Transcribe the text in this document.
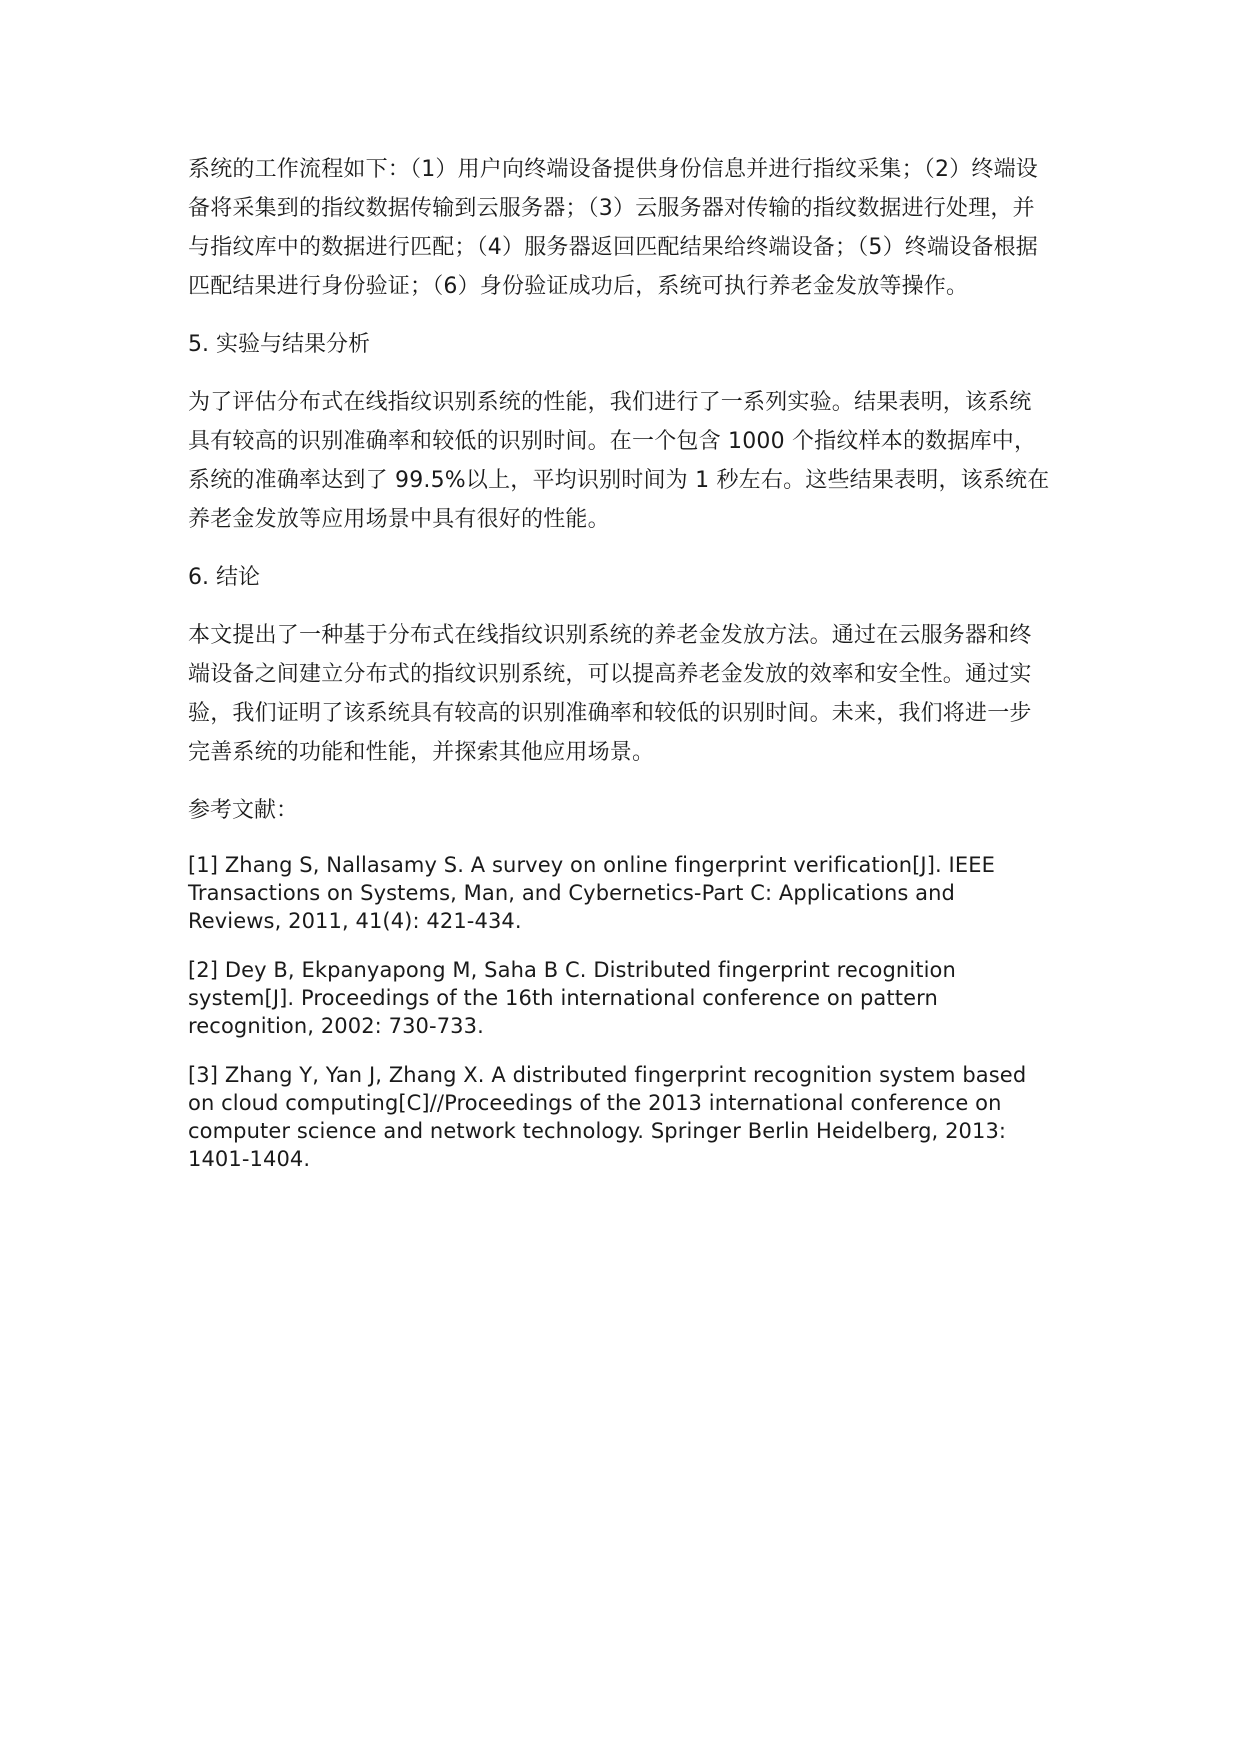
系统的工作流程如下：（1）用户向终端设备提供身份信息并进行指纹采集；（2）终端设备将采集到的指纹数据传输到云服务器；（3）云服务器对传输的指纹数据进行处理，并与指纹库中的数据进行匹配；（4）服务器返回匹配结果给终端设备；（5）终端设备根据匹配结果进行身份验证；（6）身份验证成功后，系统可执行养老金发放等操作。

5. 实验与结果分析

为了评估分布式在线指纹识别系统的性能，我们进行了一系列实验。结果表明，该系统具有较高的识别准确率和较低的识别时间。在一个包含 1000 个指纹样本的数据库中，系统的准确率达到了 99.5%以上，平均识别时间为 1 秒左右。这些结果表明，该系统在养老金发放等应用场景中具有很好的性能。

6. 结论

本文提出了一种基于分布式在线指纹识别系统的养老金发放方法。通过在云服务器和终端设备之间建立分布式的指纹识别系统，可以提高养老金发放的效率和安全性。通过实验，我们证明了该系统具有较高的识别准确率和较低的识别时间。未来，我们将进一步完善系统的功能和性能，并探索其他应用场景。

参考文献：

[1] Zhang S, Nallasamy S. A survey on online fingerprint verification[J]. IEEE Transactions on Systems, Man, and Cybernetics-Part C: Applications and Reviews, 2011, 41(4): 421-434.

[2] Dey B, Ekpanyapong M, Saha B C. Distributed fingerprint recognition system[J]. Proceedings of the 16th international conference on pattern recognition, 2002: 730-733.

[3] Zhang Y, Yan J, Zhang X. A distributed fingerprint recognition system based on cloud computing[C]//Proceedings of the 2013 international conference on computer science and network technology. Springer Berlin Heidelberg, 2013: 1401-1404.
